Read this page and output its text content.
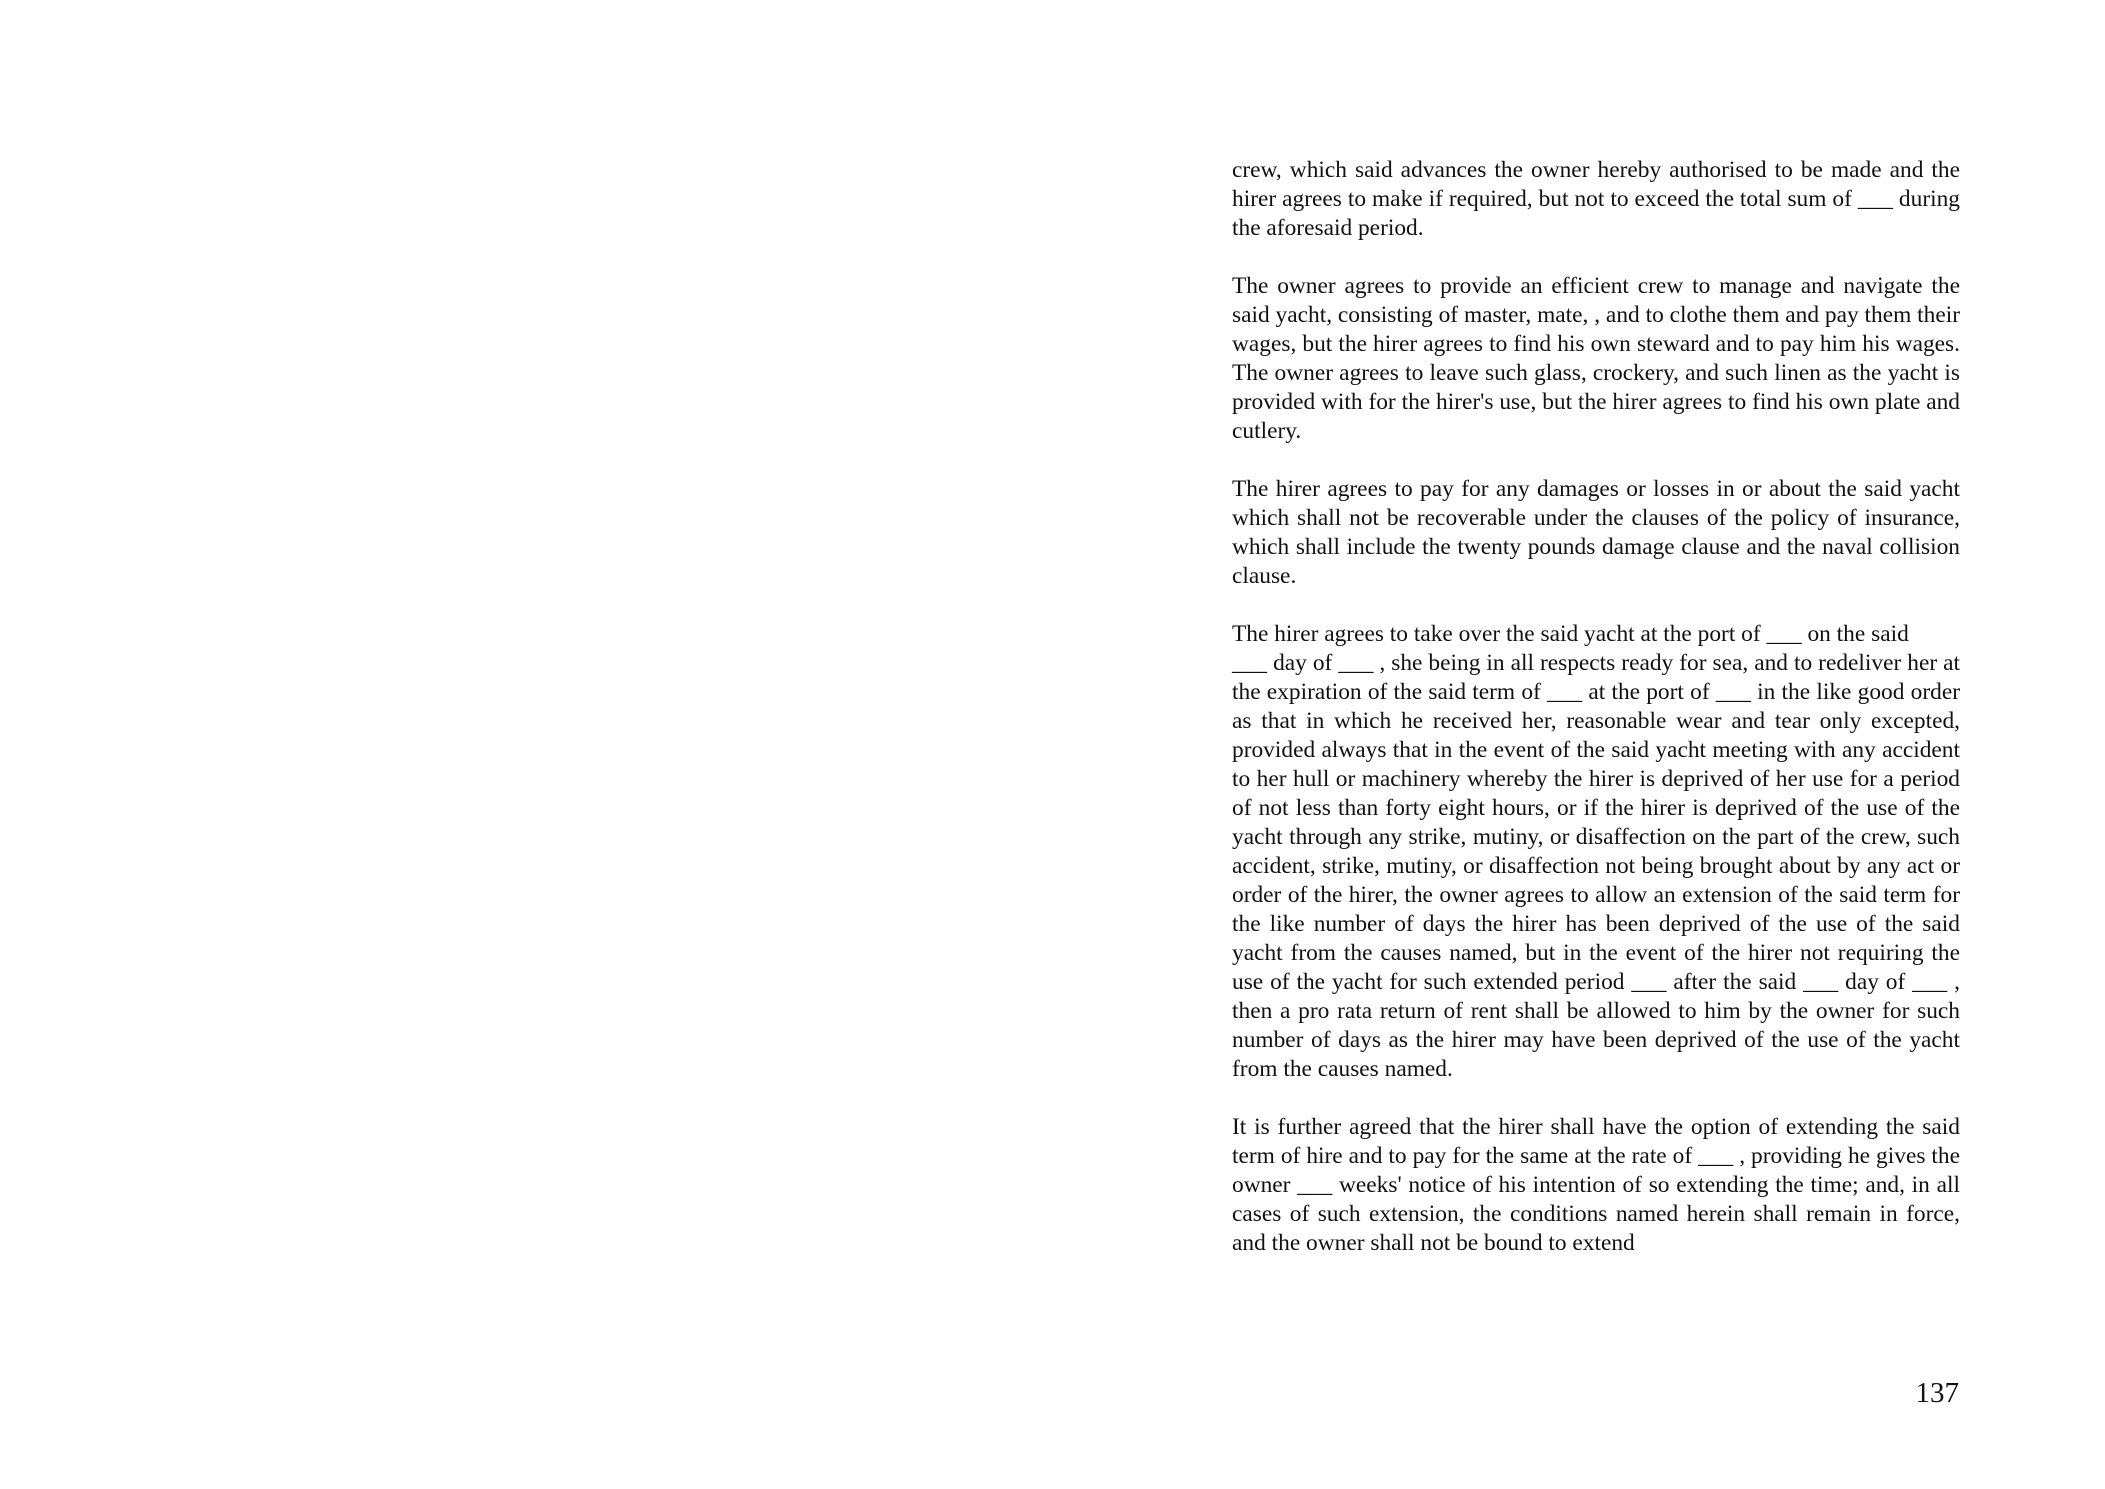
crew, which said advances the owner hereby authorised to be made and the hirer agrees to make if required, but not to exceed the total sum of ___ during the aforesaid period.

The owner agrees to provide an efficient crew to manage and navigate the said yacht, consisting of master, mate, , and to clothe them and pay them their wages, but the hirer agrees to find his own steward and to pay him his wages. The owner agrees to leave such glass, crockery, and such linen as the yacht is provided with for the hirer's use, but the hirer agrees to find his own plate and cutlery.

The hirer agrees to pay for any damages or losses in or about the said yacht which shall not be recoverable under the clauses of the policy of insurance, which shall include the twenty pounds damage clause and the naval collision clause.

The hirer agrees to take over the said yacht at the port of ___ on the said
___ day of ___ , she being in all respects ready for sea, and to redeliver her at the expiration of the said term of ___ at the port of ___ in the like good order as that in which he received her, reasonable wear and tear only excepted, provided always that in the event of the said yacht meeting with any accident to her hull or machinery whereby the hirer is deprived of her use for a period of not less than forty eight hours, or if the hirer is deprived of the use of the yacht through any strike, mutiny, or disaffection on the part of the crew, such accident, strike, mutiny, or disaffection not being brought about by any act or order of the hirer, the owner agrees to allow an extension of the said term for the like number of days the hirer has been deprived of the use of the said yacht from the causes named, but in the event of the hirer not requiring the use of the yacht for such extended period ___ after the said ___ day of ___ , then a pro rata return of rent shall be allowed to him by the owner for such number of days as the hirer may have been deprived of the use of the yacht from the causes named.

It is further agreed that the hirer shall have the option of extending the said term of hire and to pay for the same at the rate of ___ , providing he gives the owner ___ weeks' notice of his intention of so extending the time; and, in all cases of such extension, the conditions named herein shall remain in force, and the owner shall not be bound to extend

137
